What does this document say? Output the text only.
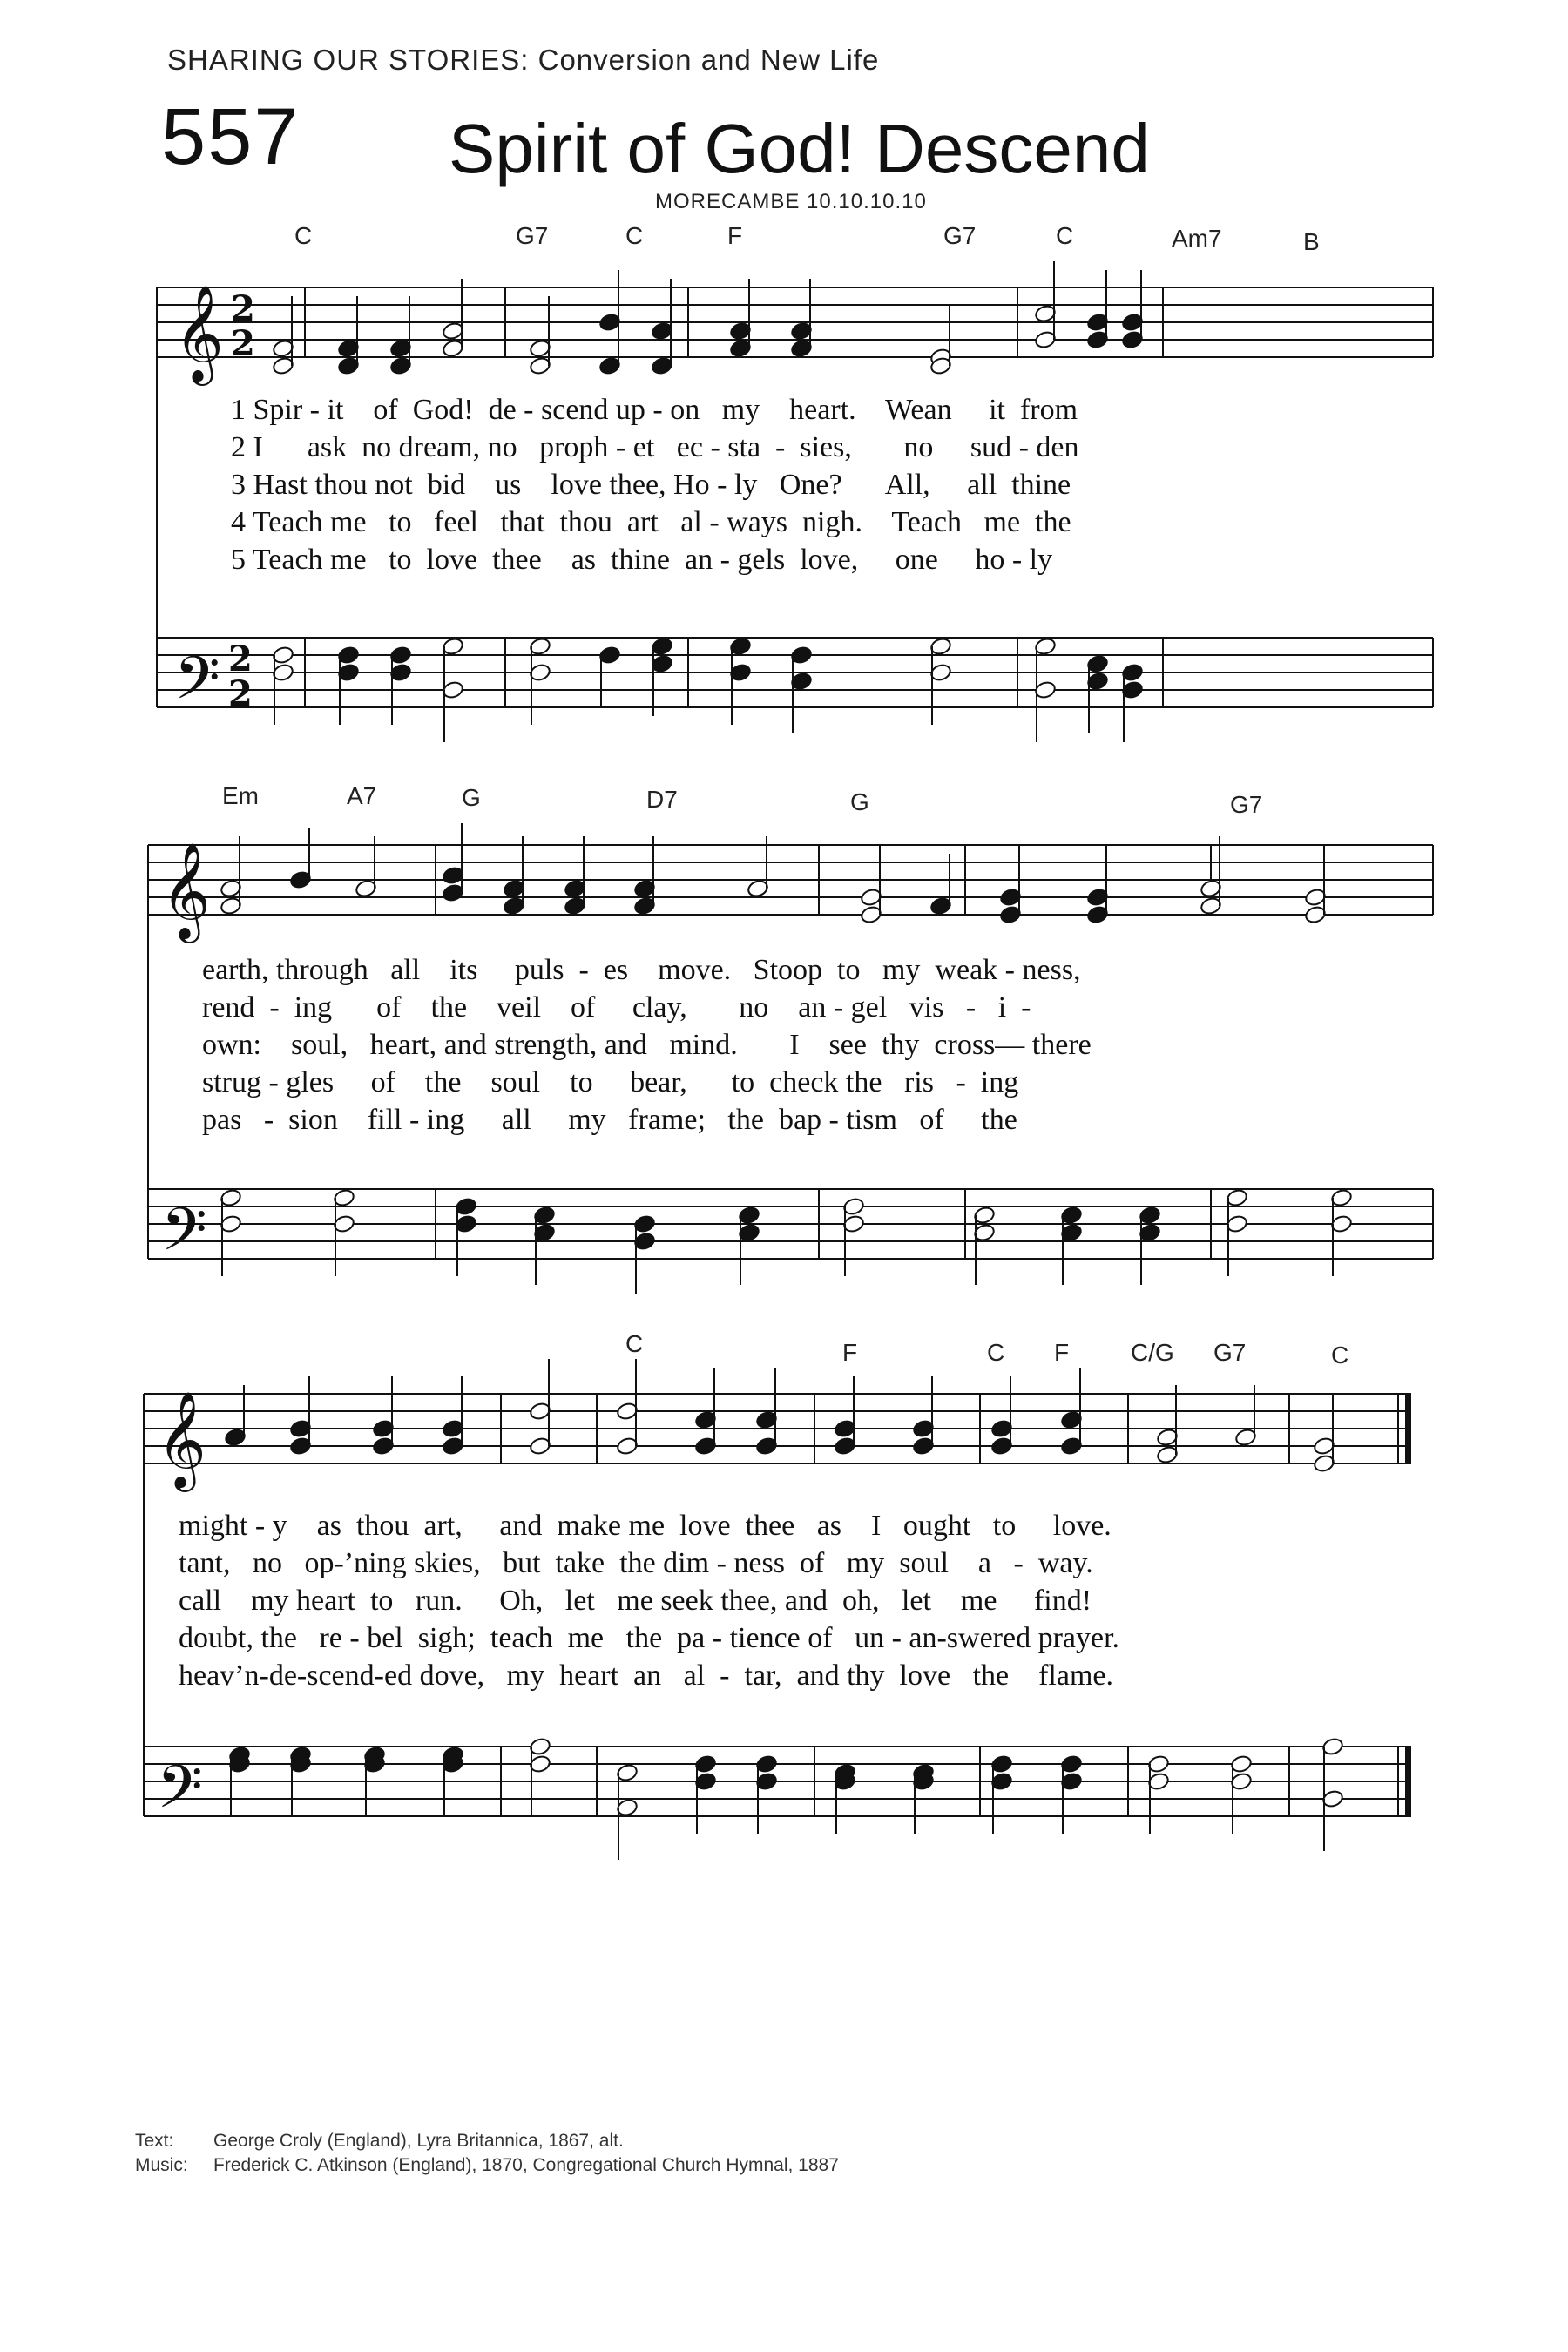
SHARING OUR STORIES: Conversion and New Life
557 Spirit of God! Descend
MORECAMBE 10.10.10.10
C	G7	C	F	G7	C	Am7	B
Em	A7	G	D7	G	G7
C	F	C F	C/G G7	C
1 Spir - it    of  God!  de - scend up - on   my    heart.    Wean     it  from
2 I      ask  no dream, no   proph - et   ec - sta  -  sies,       no     sud - den
3 Hast thou not  bid    us    love thee, Ho - ly   One?      All,     all  thine
4 Teach me   to   feel   that  thou  art   al - ways  nigh.    Teach   me  the
5 Teach me   to  love  thee    as  thine  an - gels  love,     one     ho - ly
earth, through   all    its     puls  -  es    move.   Stoop  to   my  weak - ness,
rend  -  ing      of    the    veil    of     clay,       no    an - gel   vis   -   i  -
own:    soul,   heart, and strength, and   mind.       I    see  thy  cross— there
strug - gles     of    the    soul    to     bear,      to  check the   ris   -  ing
pas   -  sion    fill - ing     all     my   frame;   the  bap - tism   of     the
might - y    as  thou  art,     and  make me  love  thee   as    I   ought   to     love.
tant,   no   op-’ning skies,   but  take  the dim - ness  of   my  soul    a   -  way.
call    my heart  to   run.     Oh,   let   me seek thee, and  oh,   let    me     find!
doubt, the   re - bel  sigh;  teach  me   the  pa - tience of   un - an-swered prayer.
heav’n-de-scend-ed dove,   my  heart  an   al  -  tar,  and thy  love   the    flame.
Text: George Croly (England), Lyra Britannica, 1867, alt.
Music: Frederick C. Atkinson (England), 1870, Congregational Church Hymnal, 1887
𝄞
𝄢
2
2
2
2
𝄞
𝄢
𝄞
𝄢
